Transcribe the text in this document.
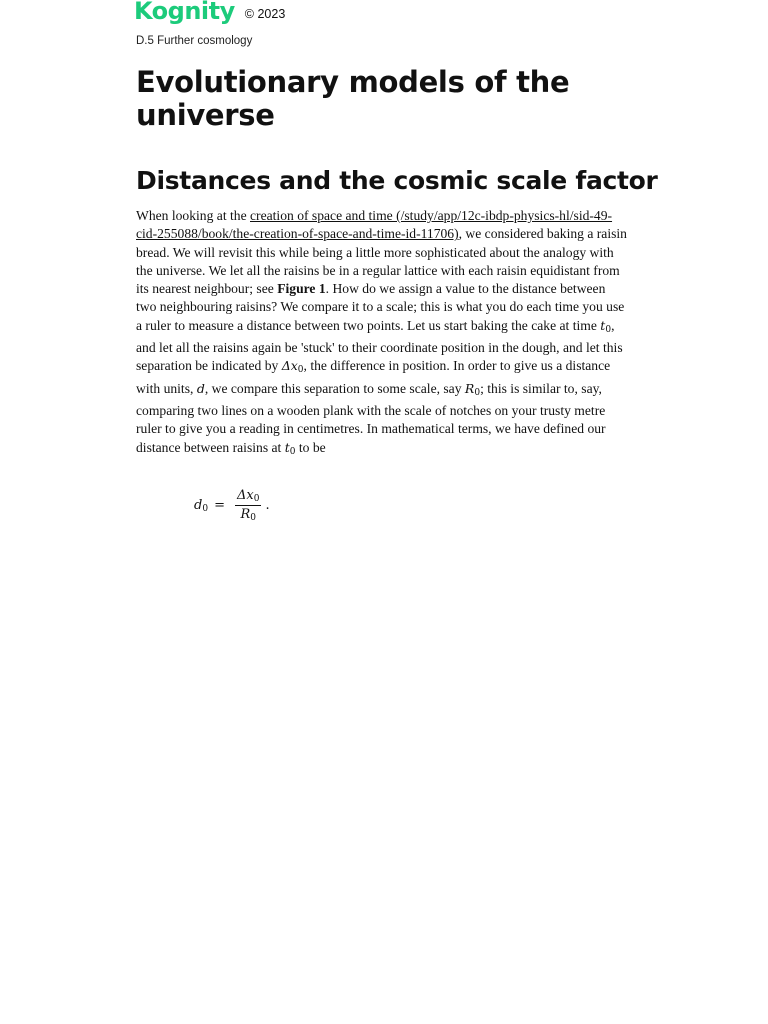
Kognity © 2023
D.5 Further cosmology
Evolutionary models of the universe
Distances and the cosmic scale factor

When looking at the creation of space and time (/study/app/12c-ibdp-physics-hl/sid-49-cid-255088/book/the-creation-of-space-and-time-id-11706), we considered baking a raisin bread. We will revisit this while being a little more sophisticated about the analogy with the universe. We let all the raisins be in a regular lattice with each raisin equidistant from its nearest neighbour; see Figure 1. How do we assign a value to the distance between two neighbouring raisins? We compare it to a scale; this is what you do each time you use a ruler to measure a distance between two points. Let us start baking the cake at time $t_0$, and let all the raisins again be 'stuck' to their coordinate position in the dough, and let this separation be indicated by $\Delta x_0$, the difference in position. In order to give us a distance with units, d, we compare this separation to some scale, say $R_0$; this is similar to, say, comparing two lines on a wooden plank with the scale of notches on your trusty metre ruler to give you a reading in centimetres. In mathematical terms, we have defined our distance between raisins at $t_0$ to be

$d_0 = \frac{\Delta x_0}{R_0}$ .
